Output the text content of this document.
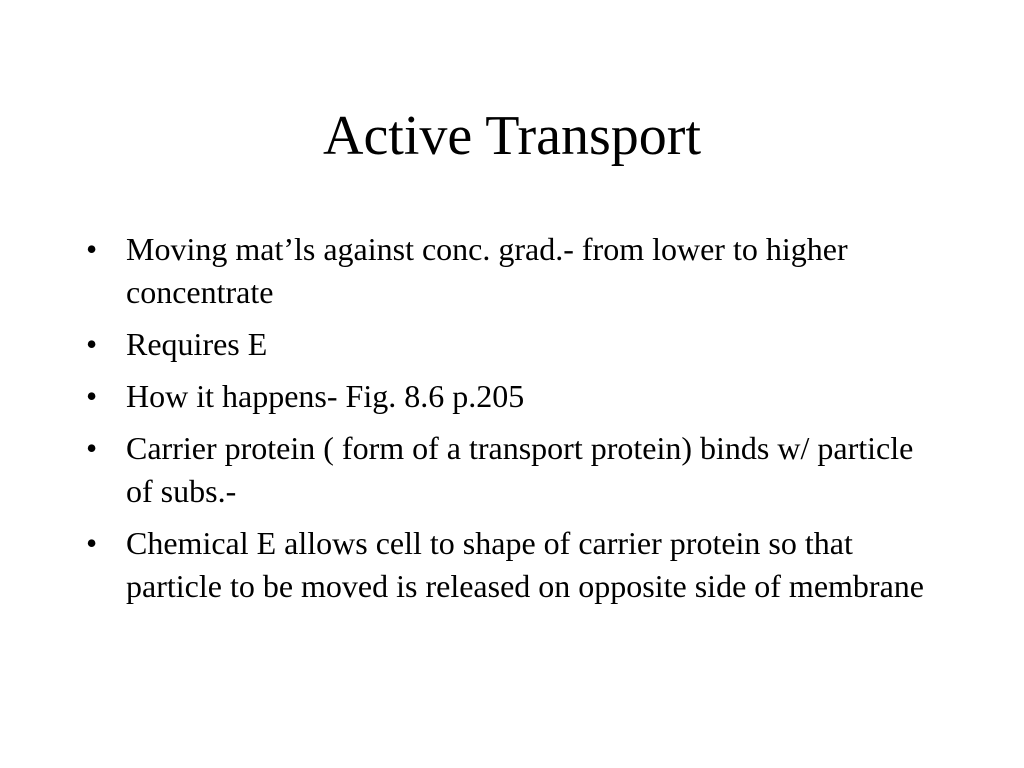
Active Transport
• Moving mat’ls against conc. grad.- from lower to higher concentrate
• Requires E
• How it happens- Fig. 8.6 p.205
• Carrier protein ( form of a transport protein) binds w/ particle of subs.-
• Chemical E allows cell to shape of carrier protein so that particle to be moved is released on opposite side of membrane
